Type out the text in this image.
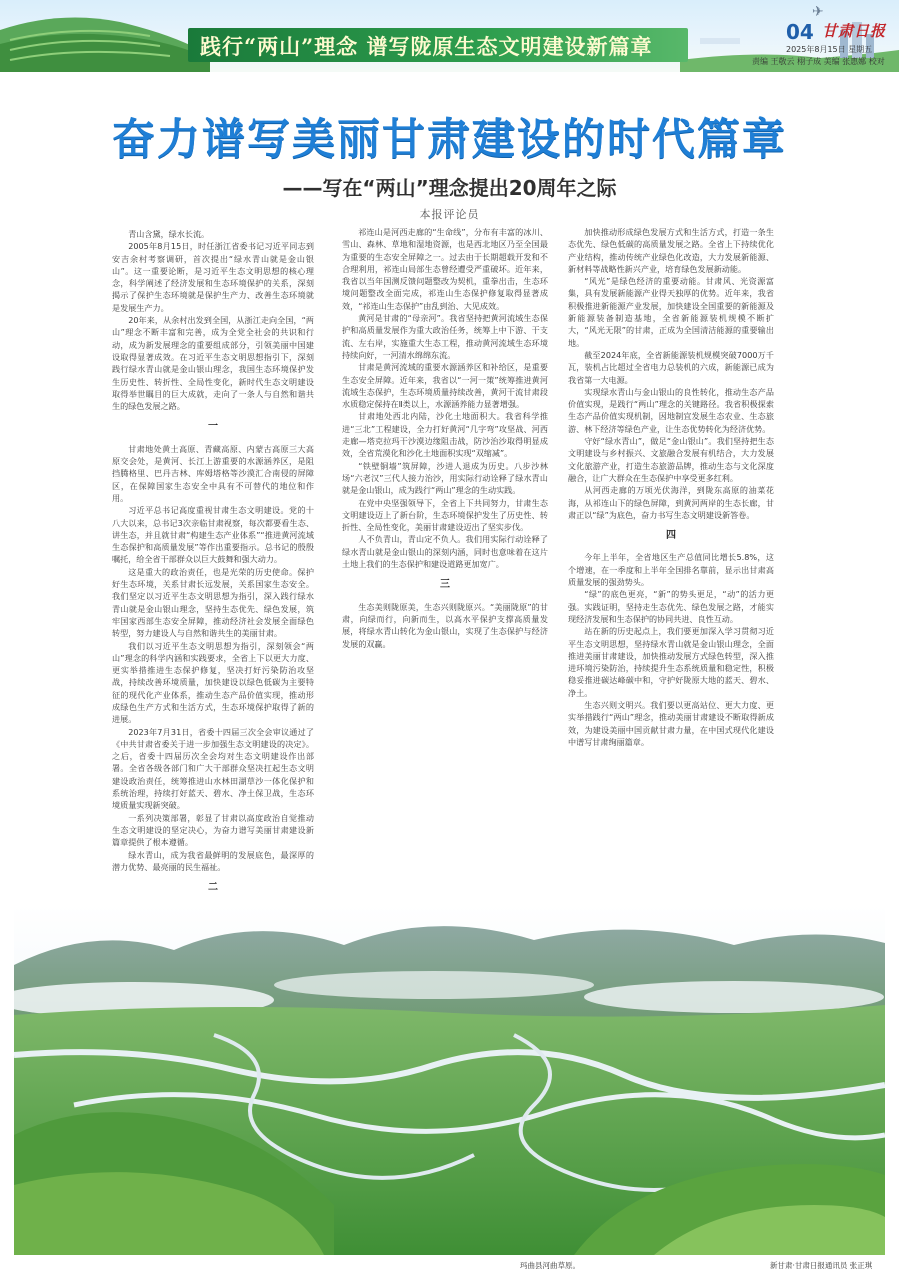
践行“两山”理念 谱写陇原生态文明建设新篇章
✈
04 甘肃日报
2025年8月15日 星期五
责编 王敬云 栩子成 美编 张惠娜 校对
奋力谱写美丽甘肃建设的时代篇章
——写在“两山”理念提出20周年之际
本报评论员

青山含黛，绿水长流。

2005年8月15日，时任浙江省委书记习近平同志到安吉余村考察调研，首次提出“绿水青山就是金山银山”。这一重要论断，是习近平生态文明思想的核心理念，科学阐述了经济发展和生态环境保护的关系，深刻揭示了保护生态环境就是保护生产力、改善生态环境就是发展生产力。

20年来，从余村出发到全国，从浙江走向全国，“两山”理念不断丰富和完善，成为全党全社会的共识和行动，成为新发展理念的重要组成部分，引领美丽中国建设取得显著成效。在习近平生态文明思想指引下，深刻践行绿水青山就是金山银山理念，我国生态环境保护发生历史性、转折性、全局性变化，新时代生态文明建设取得举世瞩目的巨大成就，走向了一条人与自然和谐共生的绿色发展之路。

一

甘肃地处黄土高原、青藏高原、内蒙古高原三大高原交会处，是黄河、长江上游重要的水源涵养区，是阻挡腾格里、巴丹吉林、库姆塔格等沙漠汇合南侵的屏障区，在保障国家生态安全中具有不可替代的地位和作用。

习近平总书记高度重视甘肃生态文明建设。党的十八大以来，总书记3次亲临甘肃视察，每次都要看生态、讲生态，并且就甘肃“构建生态产业体系”“推进黄河流域生态保护和高质量发展”等作出重要指示。总书记的殷殷嘱托，给全省干部群众以巨大鼓舞和强大动力。

这是重大的政治责任，也是光荣的历史使命。保护好生态环境，关系甘肃长远发展，关系国家生态安全。我们坚定以习近平生态文明思想为指引，深入践行绿水青山就是金山银山理念，坚持生态优先、绿色发展，筑牢国家西部生态安全屏障，推动经济社会发展全面绿色转型，努力建设人与自然和谐共生的美丽甘肃。

我们以习近平生态文明思想为指引，深刻领会“两山”理念的科学内涵和实践要求，全省上下以更大力度、更实举措推进生态保护修复，坚决打好污染防治攻坚战，持续改善环境质量，加快建设以绿色低碳为主要特征的现代化产业体系，推动生态产品价值实现，推动形成绿色生产方式和生活方式，生态环境保护取得了新的进展。

2023年7月31日，省委十四届三次全会审议通过了《中共甘肃省委关于进一步加强生态文明建设的决定》。之后，省委十四届历次全会均对生态文明建设作出部署。全省各级各部门和广大干部群众坚决扛起生态文明建设政治责任，统筹推进山水林田湖草沙一体化保护和系统治理，持续打好蓝天、碧水、净土保卫战，生态环境质量实现新突破。

一系列决策部署，彰显了甘肃以高度政治自觉推动生态文明建设的坚定决心，为奋力谱写美丽甘肃建设新篇章提供了根本遵循。

绿水青山，成为我省最鲜明的发展底色，最深厚的潜力优势、最亮丽的民生福祉。

二

祁连山是河西走廊的“生命线”，分布有丰富的冰川、雪山、森林、草地和湿地资源，也是西北地区乃至全国最为重要的生态安全屏障之一。过去由于长期超载开发和不合理利用，祁连山局部生态曾经遭受严重破坏。近年来，我省以当年国测反馈问题整改为契机，重拳出击，生态环境问题整改全面完成，祁连山生态保护修复取得显著成效，“祁连山生态保护”由乱到治、大见成效。

黄河是甘肃的“母亲河”。我省坚持把黄河流域生态保护和高质量发展作为重大政治任务，统筹上中下游、干支流、左右岸，实施重大生态工程，推动黄河流域生态环境持续向好，一河清水绵绵东流。

甘肃是黄河流域的重要水源涵养区和补给区，是重要生态安全屏障。近年来，我省以“一河一策”统筹推进黄河流域生态保护，生态环境质量持续改善，黄河干流甘肃段水质稳定保持在Ⅱ类以上，水源涵养能力显著增强。

甘肃地处西北内陆，沙化土地面积大。我省科学推进“三北”工程建设，全力打好黄河“几字弯”攻坚战、河西走廊—塔克拉玛干沙漠边缘阻击战，防沙治沙取得明显成效，全省荒漠化和沙化土地面积实现“双缩减”。

“铁壁铜墙”筑屏障，沙进人退成为历史。八步沙林场“六老汉”三代人接力治沙，用实际行动诠释了绿水青山就是金山银山，成为践行“两山”理念的生动实践。

在党中央坚强领导下，全省上下共同努力，甘肃生态文明建设迈上了新台阶，生态环境保护发生了历史性、转折性、全局性变化，美丽甘肃建设迈出了坚实步伐。

人不负青山，青山定不负人。我们用实际行动诠释了绿水青山就是金山银山的深刻内涵，同时也意味着在这片土地上我们的生态保护和建设道路更加宽广。

三

生态美则陇原美，生态兴则陇原兴。“美丽陇原”的甘肃，向绿而行，向新而生，以高水平保护支撑高质量发展，将绿水青山转化为金山银山，实现了生态保护与经济发展的双赢。

加快推动形成绿色发展方式和生活方式，打造一条生态优先、绿色低碳的高质量发展之路。全省上下持续优化产业结构，推动传统产业绿色化改造，大力发展新能源、新材料等战略性新兴产业，培育绿色发展新动能。

“风光”是绿色经济的重要动能。甘肃风、光资源富集，具有发展新能源产业得天独厚的优势。近年来，我省积极推进新能源产业发展，加快建设全国重要的新能源及新能源装备制造基地，全省新能源装机规模不断扩大，“风光无限”的甘肃，正成为全国清洁能源的重要输出地。

截至2024年底，全省新能源装机规模突破7000万千瓦，装机占比超过全省电力总装机的六成，新能源已成为我省第一大电源。

实现绿水青山与金山银山的良性转化，推动生态产品价值实现，是践行“两山”理念的关键路径。我省积极探索生态产品价值实现机制，因地制宜发展生态农业、生态旅游、林下经济等绿色产业，让生态优势转化为经济优势。

守好“绿水青山”，做足“金山银山”。我们坚持把生态文明建设与乡村振兴、文旅融合发展有机结合，大力发展文化旅游产业，打造生态旅游品牌，推动生态与文化深度融合，让广大群众在生态保护中享受更多红利。

从河西走廊的万顷光伏海洋，到陇东高原的油菜花海，从祁连山下的绿色屏障，到黄河两岸的生态长廊，甘肃正以“绿”为底色，奋力书写生态文明建设新答卷。

四

今年上半年，全省地区生产总值同比增长5.8%，这个增速，在一季度和上半年全国排名靠前，显示出甘肃高质量发展的强劲势头。

“绿”的底色更亮，“新”的势头更足，“动”的活力更强。实践证明，坚持走生态优先、绿色发展之路，才能实现经济发展和生态保护的协同共进、良性互动。

站在新的历史起点上，我们要更加深入学习贯彻习近平生态文明思想，坚持绿水青山就是金山银山理念，全面推进美丽甘肃建设，加快推动发展方式绿色转型，深入推进环境污染防治，持续提升生态系统质量和稳定性，积极稳妥推进碳达峰碳中和，守护好陇原大地的蓝天、碧水、净土。

生态兴则文明兴。我们要以更高站位、更大力度、更实举措践行“两山”理念，推动美丽甘肃建设不断取得新成效，为建设美丽中国贡献甘肃力量，在中国式现代化建设中谱写甘肃绚丽篇章。

玛曲县河曲草原。	新甘肃·甘肃日报通讯员 张正琪
